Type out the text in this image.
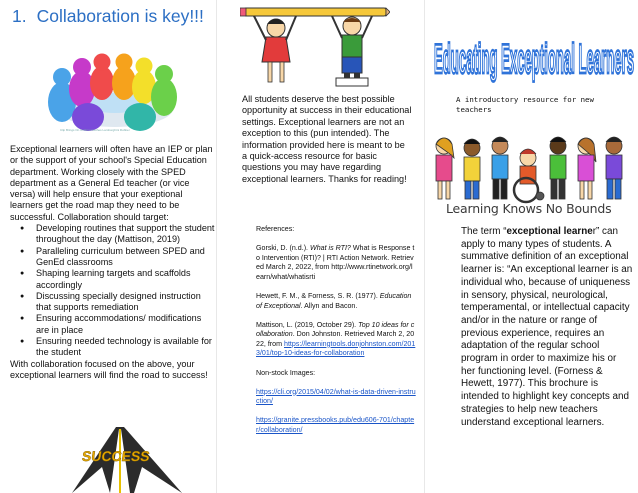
1. Collaboration is key!!!
Clip Brings On Uniform Clothes Lamborghini Rubber
Exceptional learners will often have an IEP or plan or the support of your school's Special Education department. Working closely with the SPED department as a General Ed teacher (or vice versa) will help ensure that your exeptional learners get the road map they need to be successful. Collaboration should target:
● Developing routines that support the student throughout the day (Mattison, 2019)
● Paralleling curriculum between SPED and GenEd classrooms
● Shaping learning targets and scaffolds accordingly
● Discussing specially designed instruction that supports remediation
● Ensuring accommodations/ modifications are in place
● Ensuring needed technology is available for the student
With collaboration focused on the above, your exceptional learners will find the road to success!
SUCCESS
All students deserve the best possible opportunity at success in their educational settings. Exceptional learners are not an exception to this (pun intended). The information provided here is meant to be a quick-access resource for basic questions you may have regarding exceptional learners. Thanks for reading!

References:

Gorski, D. (n.d.). What is RTI? What is Response to Intervention (RTI)? | RTI Action Network. Retrieved March 2, 2022, from http://www.rtinetwork.org/learn/what/whatisrti

Hewett, F. M., & Forness, S. R. (1977). Education of Exceptional. Allyn and Bacon.

Mattison, L. (2019, October 29). Top 10 ideas for collaboration. Don Johnston. Retrieved March 2, 2022, from https://learningtools.donjohnston.com/2013/01/top-10-ideas-for-collaboration

Non-stock Images:

https://cli.org/2015/04/02/what-is-data-driven-instruction/

https://granite.pressbooks.pub/edu606-701/chapter/collaboration/

Educating Exceptional Learners
A introductory resource for new teachers
Learning Knows No Bounds
The term “exceptional learner” can apply to many types of students. A summative definition of an exceptional learner is: “An exceptional learner is an individual who, because of uniqueness in sensory, physical, neurological, temperamental, or intellectual capacity and/or in the nature or range of previous experience, requires an adaptation of the regular school program in order to maximize his or her functioning level. (Forness & Hewett, 1977). This brochure is intended to highlight key concepts and strategies to help new teachers understand exceptional learners.
